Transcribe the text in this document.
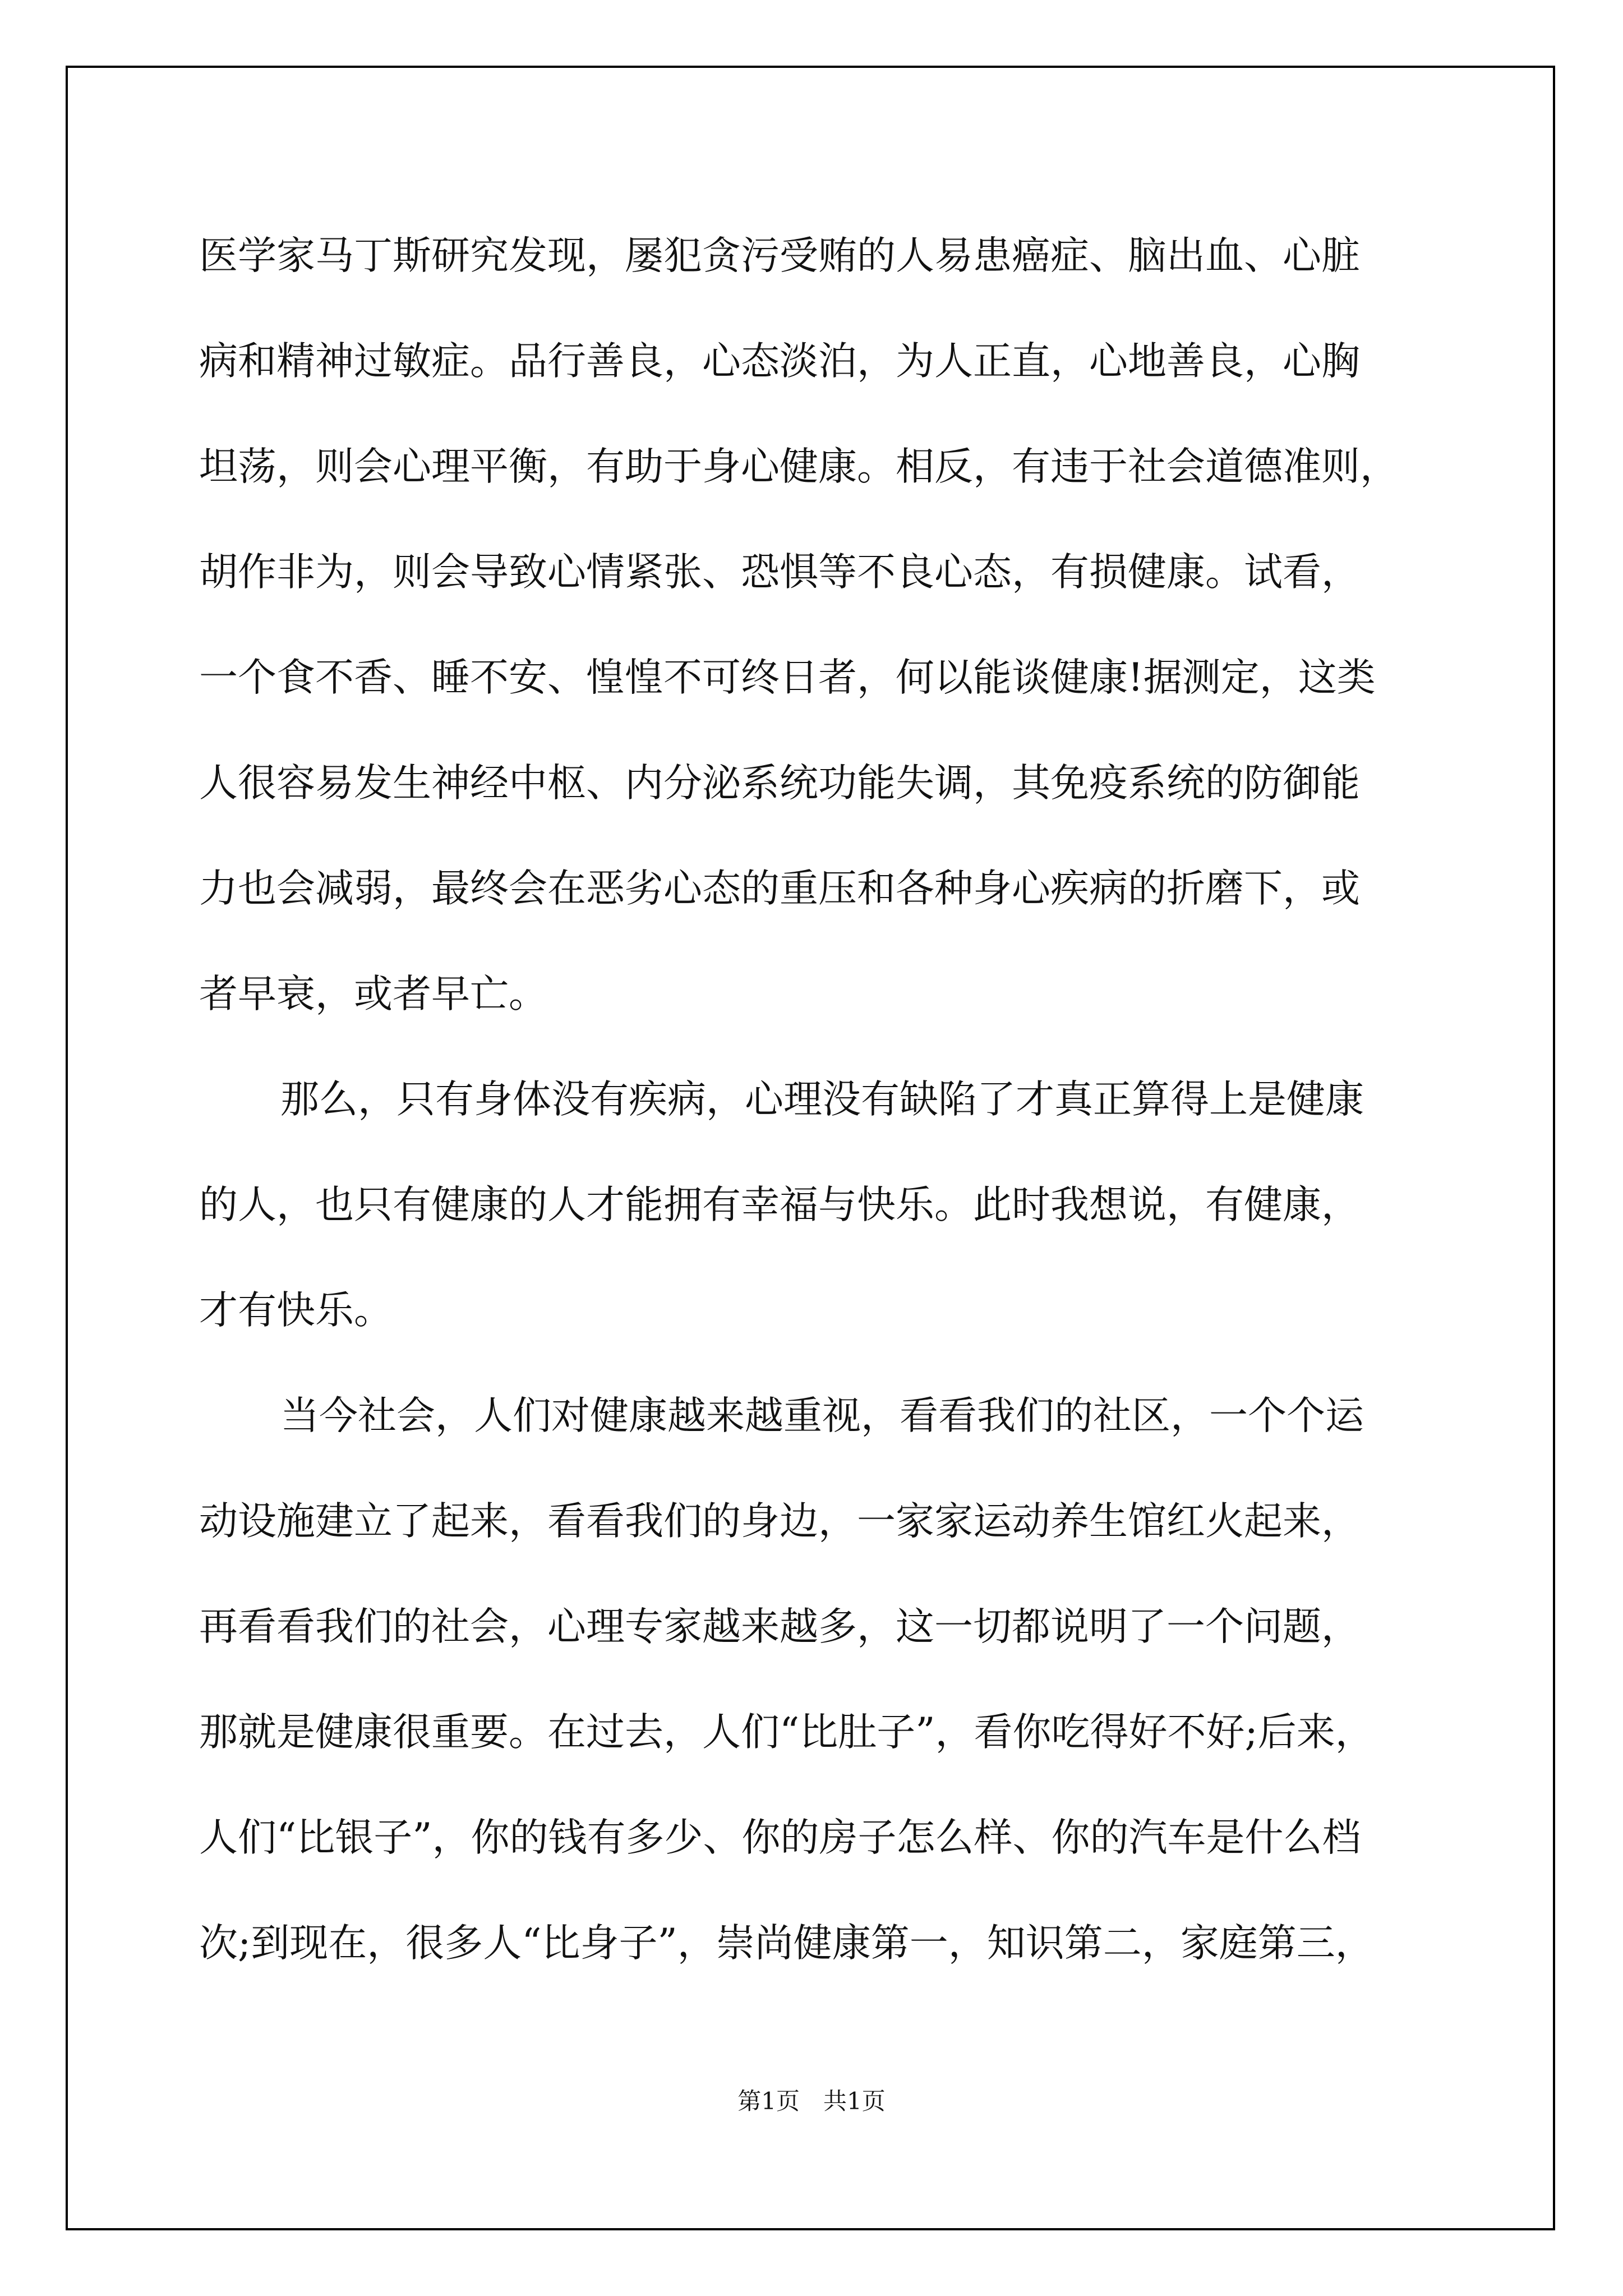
医学家马丁斯研究发现，屡犯贪污受贿的人易患癌症、脑出血、心脏
病和精神过敏症。品行善良，心态淡泊，为人正直，心地善良，心胸
坦荡，则会心理平衡，有助于身心健康。相反，有违于社会道德准则，
胡作非为，则会导致心情紧张、恐惧等不良心态，有损健康。试看，
一个食不香、睡不安、惶惶不可终日者，何以能谈健康!据测定，这类
人很容易发生神经中枢、内分泌系统功能失调，其免疫系统的防御能
力也会减弱，最终会在恶劣心态的重压和各种身心疾病的折磨下，或
者早衰，或者早亡。
那么，只有身体没有疾病，心理没有缺陷了才真正算得上是健康
的人，也只有健康的人才能拥有幸福与快乐。此时我想说，有健康，
才有快乐。
当今社会，人们对健康越来越重视，看看我们的社区，一个个运
动设施建立了起来，看看我们的身边，一家家运动养生馆红火起来，
再看看我们的社会，心理专家越来越多，这一切都说明了一个问题，
那就是健康很重要。在过去，人们“比肚子”，看你吃得好不好;后来，
人们“比银子”，你的钱有多少、你的房子怎么样、你的汽车是什么档
次;到现在，很多人“比身子”，崇尚健康第一，知识第二，家庭第三，
第1页　共1页
